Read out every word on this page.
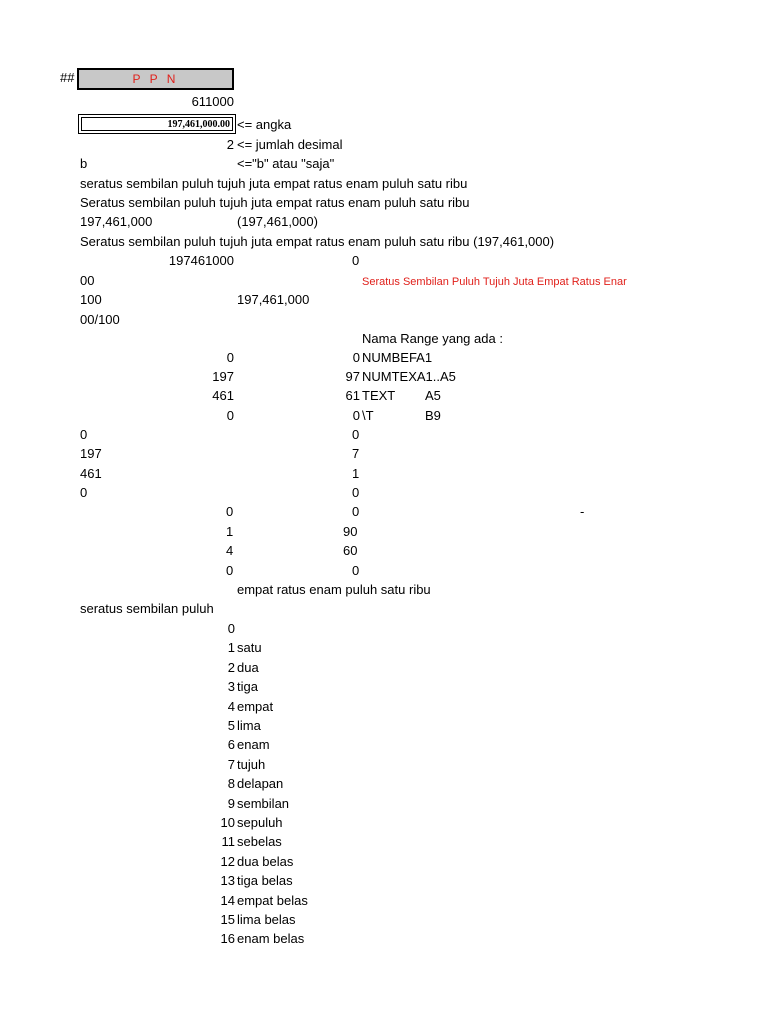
##	P P N
611000
197,461,000.00 <= angka
2 <= jumlah desimal
b	<="b" atau "saja"
seratus sembilan puluh tujuh juta empat ratus enam puluh satu ribu
Seratus sembilan puluh tujuh juta empat ratus enam puluh satu ribu
197,461,000	(197,461,000)
Seratus sembilan puluh tujuh juta empat ratus enam puluh satu ribu (197,461,000)
197461000	0
00	Seratus Sembilan Puluh Tujuh Juta Empat Ratus Enar
100	197,461,000
00/100
Nama Range yang ada :
0	0 NUMBEFA1
197	97 NUMTEXA1..A5
461	61 TEXT A5
0	0 \T	B9
0	0
197	7
461	1
0	0
0	0	-
1	90
4	60
0	0
empat ratus enam puluh satu ribu
seratus sembilan puluh
0
1 satu
2 dua
3 tiga
4 empat
5 lima
6 enam
7 tujuh
8 delapan
9 sembilan
10 sepuluh
11 sebelas
12 dua belas
13 tiga belas
14 empat belas
15 lima belas
16 enam belas
